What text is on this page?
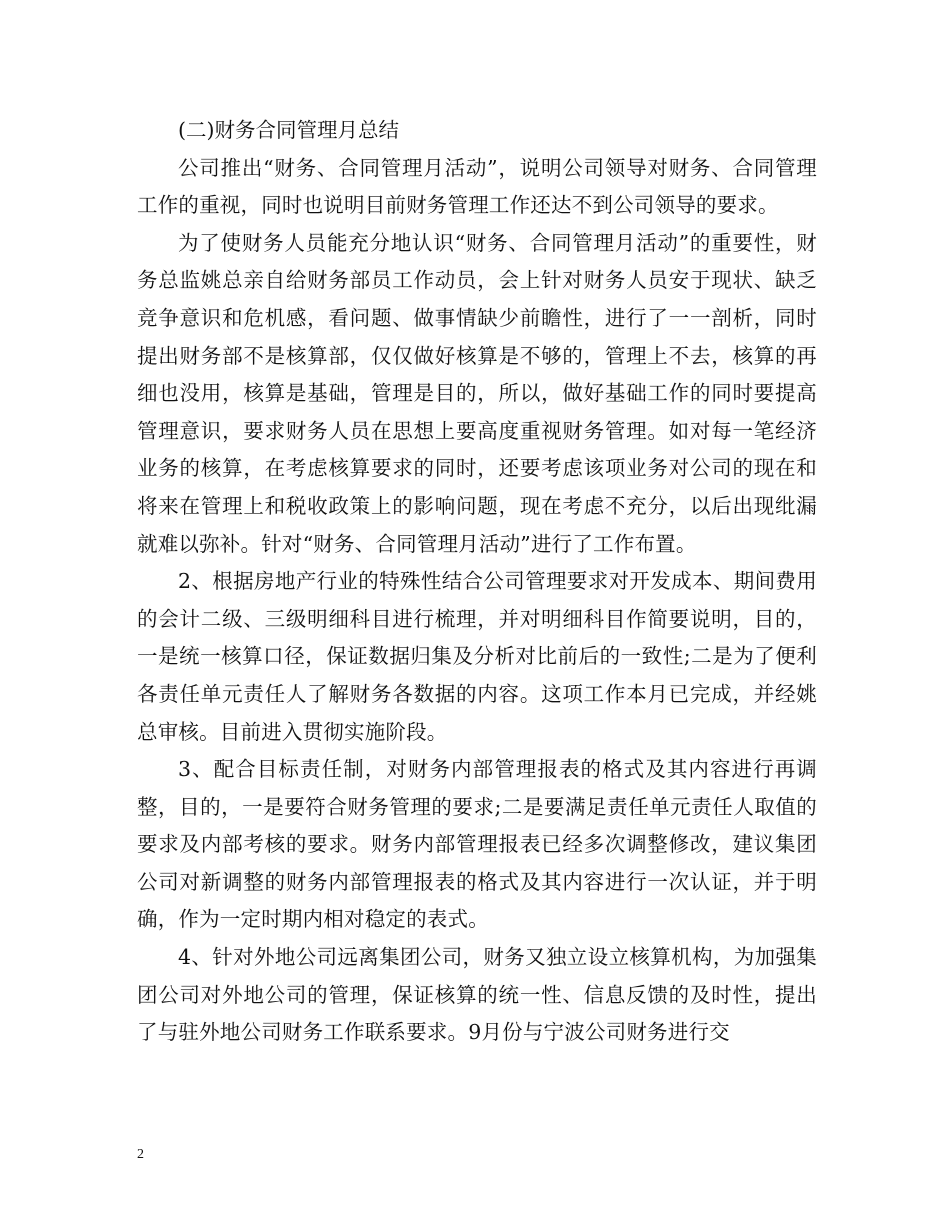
(二)财务合同管理月总结

公司推出“财务、合同管理月活动”，说明公司领导对财务、合同管理工作的重视，同时也说明目前财务管理工作还达不到公司领导的要求。

为了使财务人员能充分地认识“财务、合同管理月活动”的重要性，财务总监姚总亲自给财务部员工作动员，会上针对财务人员安于现状、缺乏竞争意识和危机感，看问题、做事情缺少前瞻性，进行了一一剖析，同时提出财务部不是核算部，仅仅做好核算是不够的，管理上不去，核算的再细也没用，核算是基础，管理是目的，所以，做好基础工作的同时要提高管理意识，要求财务人员在思想上要高度重视财务管理。如对每一笔经济业务的核算，在考虑核算要求的同时，还要考虑该项业务对公司的现在和将来在管理上和税收政策上的影响问题，现在考虑不充分，以后出现纰漏就难以弥补。针对“财务、合同管理月活动”进行了工作布置。

2、根据房地产行业的特殊性结合公司管理要求对开发成本、期间费用的会计二级、三级明细科目进行梳理，并对明细科目作简要说明，目的，一是统一核算口径，保证数据归集及分析对比前后的一致性;二是为了便利各责任单元责任人了解财务各数据的内容。这项工作本月已完成，并经姚总审核。目前进入贯彻实施阶段。

3、配合目标责任制，对财务内部管理报表的格式及其内容进行再调整，目的，一是要符合财务管理的要求;二是要满足责任单元责任人取值的要求及内部考核的要求。财务内部管理报表已经多次调整修改，建议集团公司对新调整的财务内部管理报表的格式及其内容进行一次认证，并于明确，作为一定时期内相对稳定的表式。

4、针对外地公司远离集团公司，财务又独立设立核算机构，为加强集团公司对外地公司的管理，保证核算的统一性、信息反馈的及时性，提出了与驻外地公司财务工作联系要求。9月份与宁波公司财务进行交

2
